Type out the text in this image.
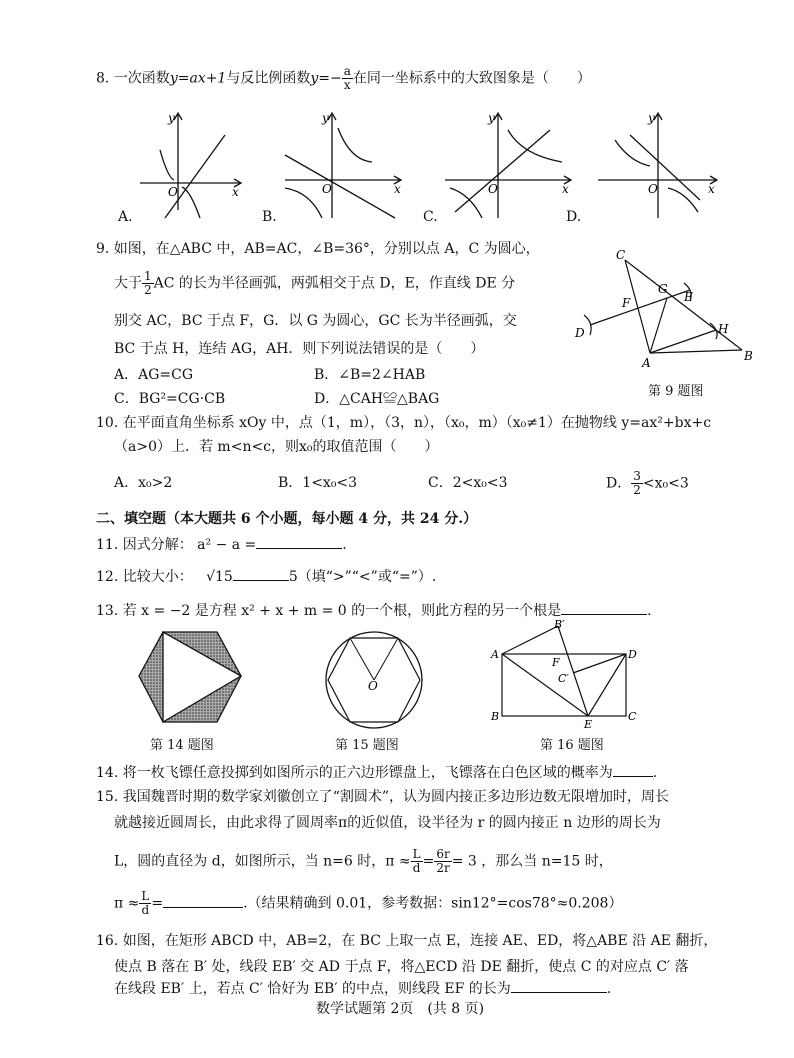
8. 一次函数y=ax+1与反比例函数$y=- \frac{a}{x}$ 在同一坐标系中的大致图象是（　　）
y
x
O
y
x
O
y
x
O
y
x
O
A.	B.	C.	D.
9. 如图，在△ABC 中，AB=AC，∠B=36°，分别以点 A，C 为圆心，
大于 $\frac{1}{2}$ AC 的长为半径画弧，两弧相交于点 D，E，作直线 DE 分
别交 AC，BC 于点 F，G．以 G 为圆心，GC 长为半径画弧，交
BC 于点 H，连结 AG，AH．则下列说法错误的是（　　）
A．AG=CG	B．∠B=2∠HAB
C．BG²=CG·CB	D．△CAH≌△BAG
C
E
F
G
D	H
A	B
第 9 题图
10. 在平面直角坐标系 xOy 中，点（1，m），（3，n），（x₀，m）（x₀≠1）在抛物线 y=ax²+bx+c
（a>0）上．若 m<n<c，则x₀的取值范围（　　）
A．x₀>2	B．1<x₀<3	C．2<x₀<3	D． $\frac{3}{2} <x_0<3$
二、填空题（本大题共 6 个小题，每小题 4 分，共 24 分.）
11. 因式分解： a² − a =	.
12. 比较大小： √15	5（填“>”“<”或“=”）.
13. 若 x = −2 是方程 x² + x + m = 0 的一个根，则此方程的另一个根是	.
第 14 题图
O
第 15 题图
A
B	C
D
E
F
C′
B′
第 16 题图
14. 将一枚飞镖任意投掷到如图所示的正六边形镖盘上，飞镖落在白色区域的概率为	.
15. 我国魏晋时期的数学家刘徽创立了“割圆术”，认为圆内接正多边形边数无限增加时，周长
就越接近圆周长，由此求得了圆周率π的近似值，设半径为 r 的圆内接正 n 边形的周长为
L，圆的直径为 d，如图所示，当 n=6 时，$\pi \approx \frac{L}{d} = \frac{6r}{2r} = 3$ ，那么当 n=15 时，
$\pi \approx \frac{L}{d}$ =	.（结果精确到 0.01，参考数据：sin12°=cos78°≈0.208）
16. 如图，在矩形 ABCD 中，AB=2，在 BC 上取一点 E，连接 AE、ED，将△ABE 沿 AE 翻折，
使点 B 落在 B′ 处，线段 EB′ 交 AD 于点 F，将△ECD 沿 DE 翻折，使点 C 的对应点 C′ 落
在线段 EB′ 上，若点 C′ 恰好为 EB′ 的中点，则线段 EF 的长为	.
数学试题第 2页　(共 8 页)
